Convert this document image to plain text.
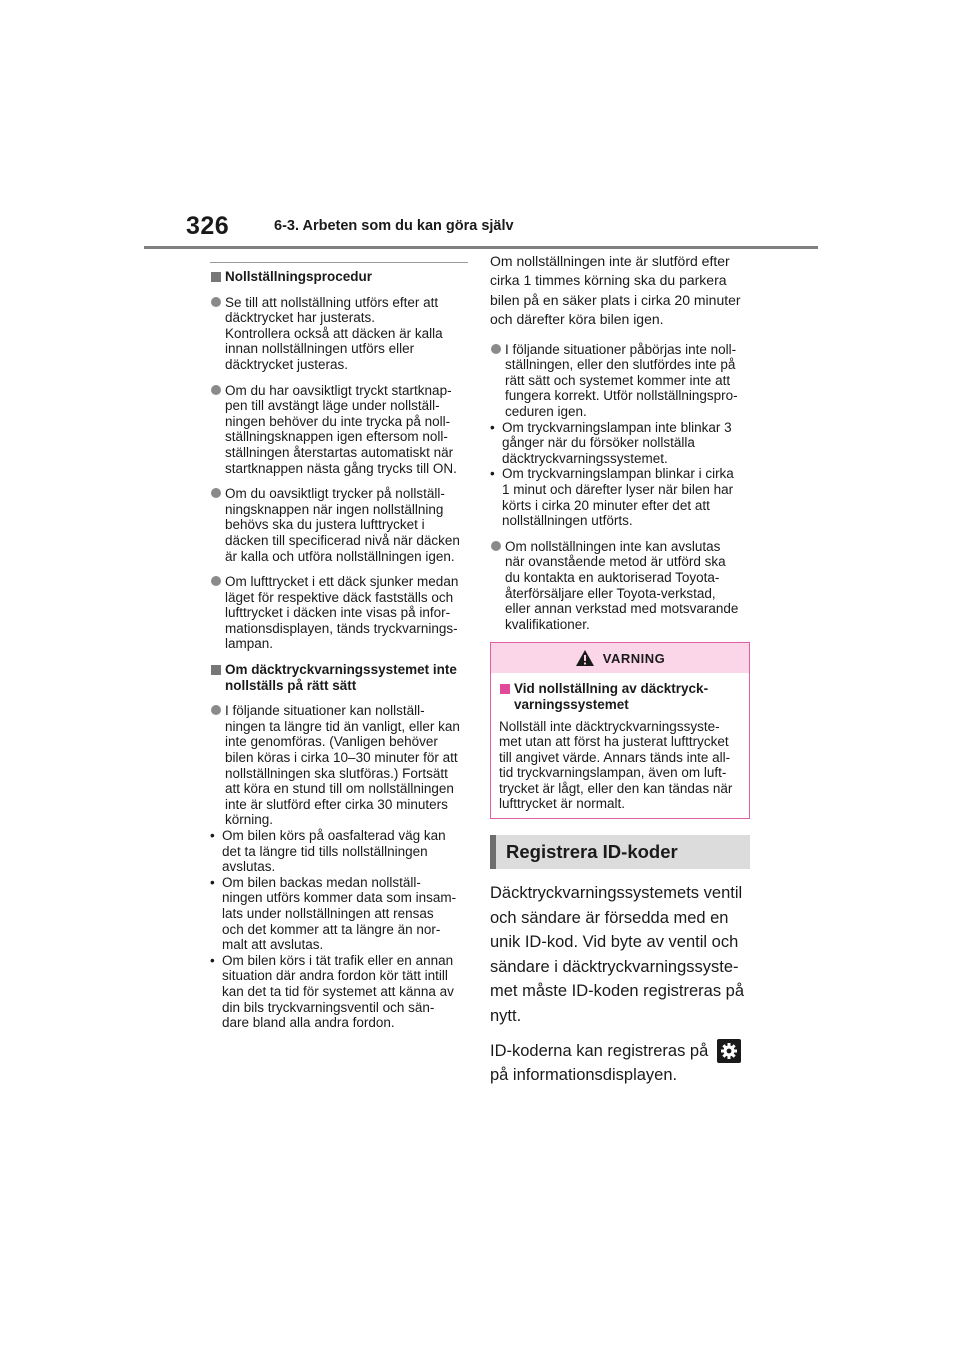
326	6-3. Arbeten som du kan göra själv
Nollställningsprocedur
Se till att nollställning utförs efter att
däcktrycket har justerats.
Kontrollera också att däcken är kalla
innan nollställningen utförs eller
däcktrycket justeras.
Om du har oavsiktligt tryckt startknap-
pen till avstängt läge under nollställ-
ningen behöver du inte trycka på noll-
ställningsknappen igen eftersom noll-
ställningen återstartas automatiskt när
startknappen nästa gång trycks till ON.
Om du oavsiktligt trycker på nollställ-
ningsknappen när ingen nollställning
behövs ska du justera lufttrycket i
däcken till specificerad nivå när däcken
är kalla och utföra nollställningen igen.
Om lufttrycket i ett däck sjunker medan
läget för respektive däck fastställs och
lufttrycket i däcken inte visas på infor-
mationsdisplayen, tänds tryckvarnings-
lampan.
Om däcktryckvarningssystemet inte
nollställs på rätt sätt
I följande situationer kan nollställ-
ningen ta längre tid än vanligt, eller kan
inte genomföras. (Vanligen behöver
bilen köras i cirka 10–30 minuter för att
nollställningen ska slutföras.) Fortsätt
att köra en stund till om nollställningen
inte är slutförd efter cirka 30 minuters
körning.
• Om bilen körs på oasfalterad väg kan
det ta längre tid tills nollställningen
avslutas.
• Om bilen backas medan nollställ-
ningen utförs kommer data som insam-
lats under nollställningen att rensas
och det kommer att ta längre än nor-
malt att avslutas.
• Om bilen körs i tät trafik eller en annan
situation där andra fordon kör tätt intill
kan det ta tid för systemet att känna av
din bils tryckvarningsventil och sän-
dare bland alla andra fordon.
Om nollställningen inte är slutförd efter
cirka 1 timmes körning ska du parkera
bilen på en säker plats i cirka 20 minuter
och därefter köra bilen igen.
I följande situationer påbörjas inte noll-
ställningen, eller den slutfördes inte på
rätt sätt och systemet kommer inte att
fungera korrekt. Utför nollställningspro-
ceduren igen.
• Om tryckvarningslampan inte blinkar 3
gånger när du försöker nollställa
däcktryckvarningssystemet.
• Om tryckvarningslampan blinkar i cirka
1 minut och därefter lyser när bilen har
körts i cirka 20 minuter efter det att
nollställningen utförts.
Om nollställningen inte kan avslutas
när ovanstående metod är utförd ska
du kontakta en auktoriserad Toyota-
återförsäljare eller Toyota-verkstad,
eller annan verkstad med motsvarande
kvalifikationer.
VARNING
Vid nollställning av däcktryck-
varningssystemet
Nollställ inte däcktryckvarningssyste-
met utan att först ha justerat lufttrycket
till angivet värde. Annars tänds inte all-
tid tryckvarningslampan, även om luft-
trycket är lågt, eller den kan tändas när
lufttrycket är normalt.
Registrera ID-koder

Däcktryckvarningssystemets ventil
och sändare är försedda med en
unik ID-kod. Vid byte av ventil och
sändare i däcktryckvarningssyste-
met måste ID-koden registreras på
nytt.

ID-koderna kan registreras på
på informationsdisplayen.
